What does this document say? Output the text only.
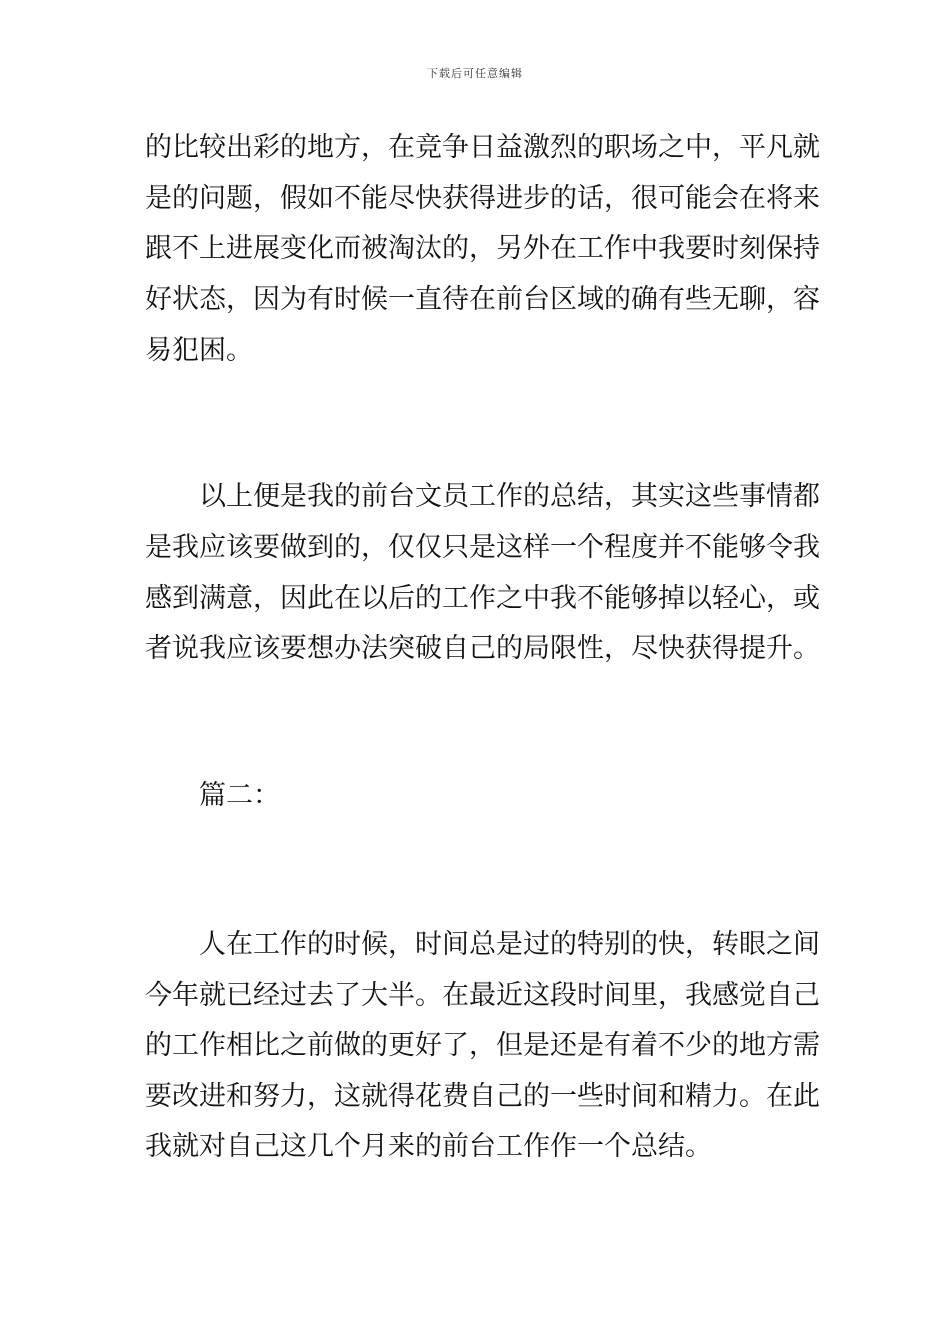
下载后可任意编辑

的比较出彩的地方，在竞争日益激烈的职场之中，平凡就

是的问题，假如不能尽快获得进步的话，很可能会在将来

跟不上进展变化而被淘汰的，另外在工作中我要时刻保持

好状态，因为有时候一直待在前台区域的确有些无聊，容

易犯困。

以上便是我的前台文员工作的总结，其实这些事情都

是我应该要做到的，仅仅只是这样一个程度并不能够令我

感到满意，因此在以后的工作之中我不能够掉以轻心，或

者说我应该要想办法突破自己的局限性，尽快获得提升。

篇二：

人在工作的时候，时间总是过的特别的快，转眼之间

今年就已经过去了大半。在最近这段时间里，我感觉自己

的工作相比之前做的更好了，但是还是有着不少的地方需

要改进和努力，这就得花费自己的一些时间和精力。在此

我就对自己这几个月来的前台工作作一个总结。
